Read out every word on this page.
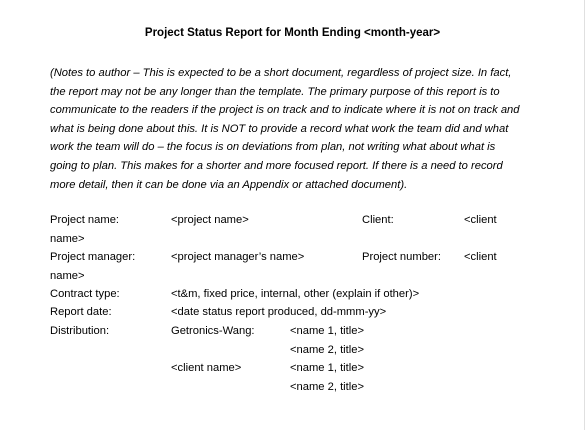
Project Status Report for Month Ending <month-year>
(Notes to author – This is expected to be a short document, regardless of project size. In fact,
the report may not be any longer than the template. The primary purpose of this report is to
communicate to the readers if the project is on track and to indicate where it is not on track and
what is being done about this. It is NOT to provide a record what work the team did and what
work the team will do – the focus is on deviations from plan, not writing what about what is
going to plan. This makes for a shorter and more focused report. If there is a need to record
more detail, then it can be done via an Appendix or attached document).
Project name:	<project name>	Client:	<client
name>
Project manager:	<project manager’s name>	Project number: <client
name>
Contract type:	<t&m, fixed price, internal, other (explain if other)>
Report date:	<date status report produced, dd-mmm-yy>
Distribution:	Getronics-Wang:	<name 1, title>
<name 2, title>
<client name>	<name 1, title>
<name 2, title>
